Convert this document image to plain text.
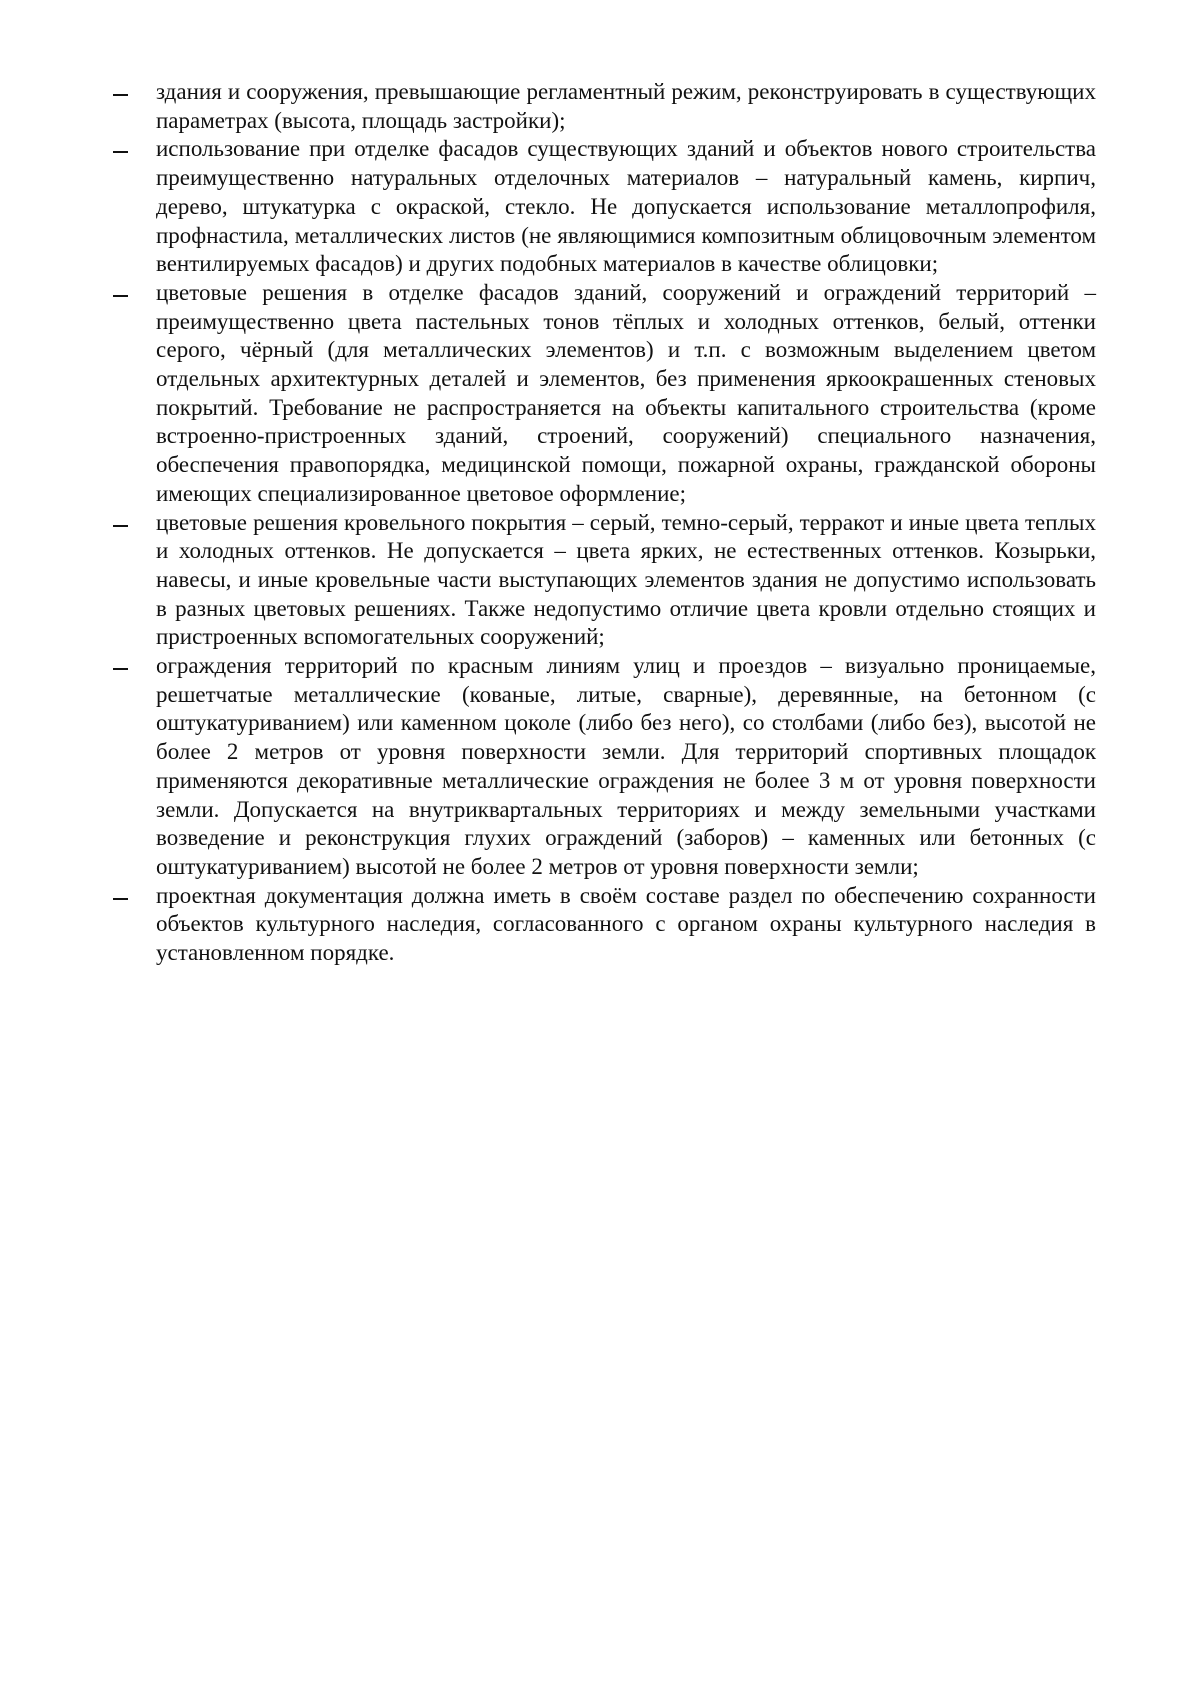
здания и сооружения, превышающие регламентный режим, реконструировать в существующих параметрах (высота, площадь застройки);
использование при отделке фасадов существующих зданий и объектов нового строительства преимущественно натуральных отделочных материалов – натуральный камень, кирпич, дерево, штукатурка с окраской, стекло. Не допускается использование металлопрофиля, профнастила, металлических листов (не являющимися композитным облицовочным элементом вентилируемых фасадов) и других подобных материалов в качестве облицовки;
цветовые решения в отделке фасадов зданий, сооружений и ограждений территорий – преимущественно цвета пастельных тонов тёплых и холодных оттенков, белый, оттенки серого, чёрный (для металлических элементов) и т.п. с возможным выделением цветом отдельных архитектурных деталей и элементов, без применения яркоокрашенных стеновых покрытий. Требование не распространяется на объекты капитального строительства (кроме встроенно-пристроенных зданий, строений, сооружений) специального назначения, обеспечения правопорядка, медицинской помощи, пожарной охраны, гражданской обороны имеющих специализированное цветовое оформление;
цветовые решения кровельного покрытия – серый, темно-серый, терракот и иные цвета теплых и холодных оттенков. Не допускается – цвета ярких, не естественных оттенков. Козырьки, навесы, и иные кровельные части выступающих элементов здания не допустимо использовать в разных цветовых решениях. Также недопустимо отличие цвета кровли отдельно стоящих и пристроенных вспомогательных сооружений;
ограждения территорий по красным линиям улиц и проездов – визуально проницаемые, решетчатые металлические (кованые, литые, сварные), деревянные, на бетонном (с оштукатуриванием) или каменном цоколе (либо без него), со столбами (либо без), высотой не более 2 метров от уровня поверхности земли. Для территорий спортивных площадок применяются декоративные металлические ограждения не более 3 м от уровня поверхности земли. Допускается на внутриквартальных территориях и между земельными участками возведение и реконструкция глухих ограждений (заборов) – каменных или бетонных (с оштукатуриванием) высотой не более 2 метров от уровня поверхности земли;
проектная документация должна иметь в своём составе раздел по обеспечению сохранности объектов культурного наследия, согласованного с органом охраны культурного наследия в установленном порядке.
